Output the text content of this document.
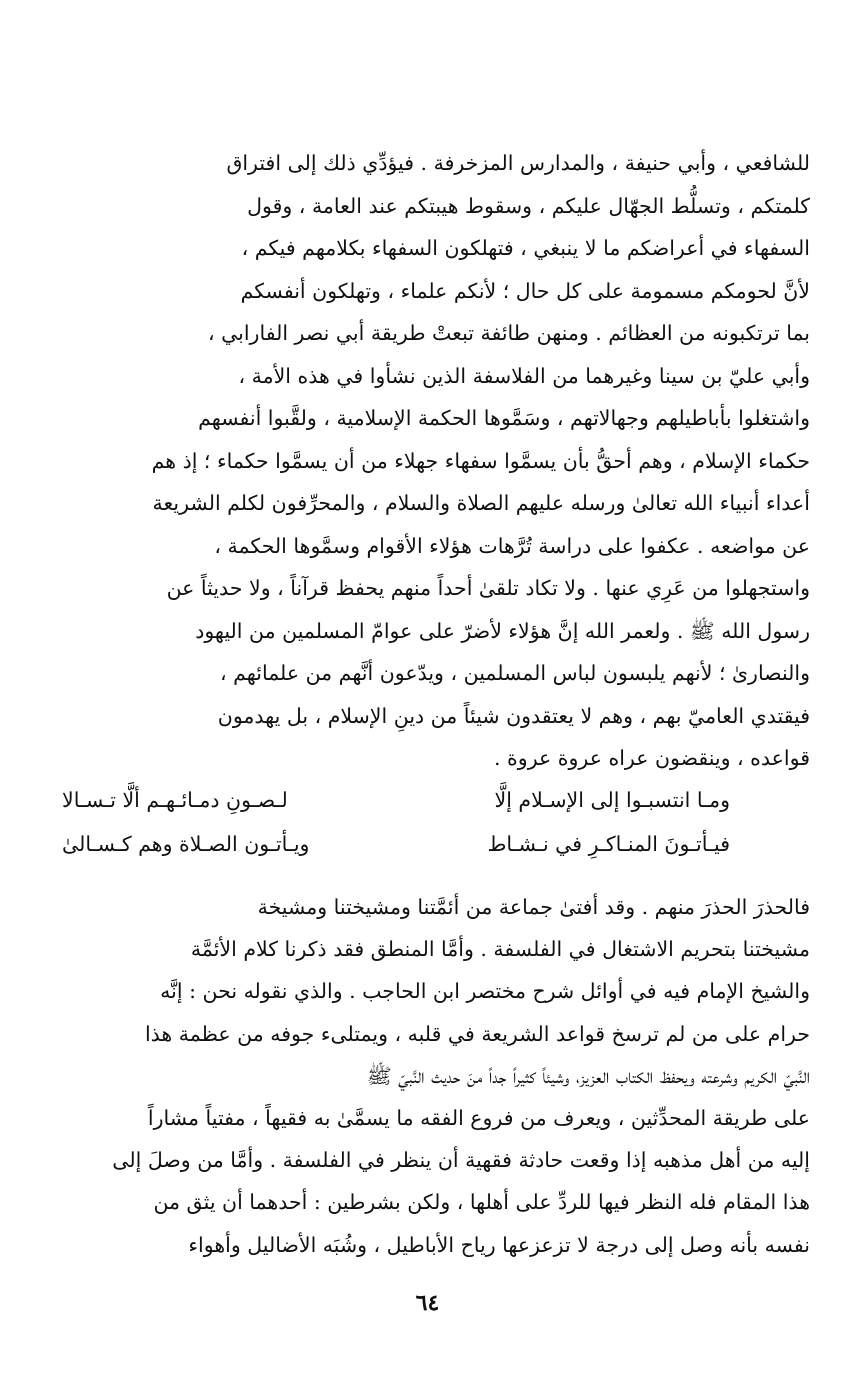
للشافعي ، وأبي حنيفة ، والمدارس المزخرفة . فيؤدِّي ذلك إلى افتراق
كلمتكم ، وتسلُّط الجهّال عليكم ، وسقوط هيبتكم عند العامة ، وقول
السفهاء في أعراضكم ما لا ينبغي ، فتهلكون السفهاء بكلامهم فيكم ،
لأنَّ لحومكم مسمومة على كل حال ؛ لأنكم علماء ، وتهلكون أنفسكم
بما ترتكبونه من العظائم . ومنهن طائفة تبعتْ طريقة أبي نصر الفارابي ،
وأبي عليّ بن سينا وغيرهما من الفلاسفة الذين نشأوا في هذه الأمة ،
واشتغلوا بأباطيلهم وجهالاتهم ، وسَمَّوها الحكمة الإسلامية ، ولقَّبوا أنفسهم
حكماء الإسلام ، وهم أحقُّ بأن يسمَّوا سفهاء جهلاء من أن يسمَّوا حكماء ؛ إذ هم
أعداء أنبياء الله تعالىٰ ورسله عليهم الصلاة والسلام ، والمحرِّفون لكلم الشريعة
عن مواضعه . عكفوا على دراسة تُرَّهات هؤلاء الأقوام وسمَّوها الحكمة ،
واستجهلوا من عَرِي عنها . ولا تكاد تلقىٰ أحداً منهم يحفظ قرآناً ، ولا حديثاً عن
رسول الله ﷺ . ولعمر الله إنَّ هؤلاء لأضرّ على عوامّ المسلمين من اليهود
والنصارىٰ ؛ لأنهم يلبسون لباس المسلمين ، ويدّعون أنَّهم من علمائهم ،
فيقتدي العاميّ بهم ، وهم لا يعتقدون شيئاً من دينِ الإسلام ، بل يهدمون
قواعده ، وينقضون عراه عروة عروة .
ومـا انتسبـوا إلى الإسـلام إلَّا
لـصـونِ دمـائـهـم ألَّا تـسـالا
فيـأتـونَ المنـاكـرِ في نـشـاط
ويـأتـون الصـلاة وهم كـسـالىٰ
فالحذرَ الحذرَ منهم . وقد أفتىٰ جماعة من أئمَّتنا ومشيختنا ومشيخة
مشيختنا بتحريم الاشتغال في الفلسفة . وأمَّا المنطق فقد ذكرنا كلام الأئمَّة
والشيخ الإمام فيه في أوائل شرح مختصر ابن الحاجب . والذي نقوله نحن : إنَّه
حرام على من لم ترسخ قواعد الشريعة في قلبه ، ويمتلىء جوفه من عظمة هذا
النَّبيّ الكريم وشرعته ويحفظ الكتاب العزيز، وشيئاً كثيراً جداً منَ حديث النَّبيّ ﷺ
على طريقة المحدِّثين ، ويعرف من فروع الفقه ما يسمَّىٰ به فقيهاً ، مفتياً مشاراً
إليه من أهل مذهبه إذا وقعت حادثة فقهية أن ينظر في الفلسفة . وأمَّا من وصلَ إلى
هذا المقام فله النظر فيها للردِّ على أهلها ، ولكن بشرطين : أحدهما أن يثق من
نفسه بأنه وصل إلى درجة لا تزعزعها رياح الأباطيل ، وشُبَه الأضاليل وأهواء
٦٤
